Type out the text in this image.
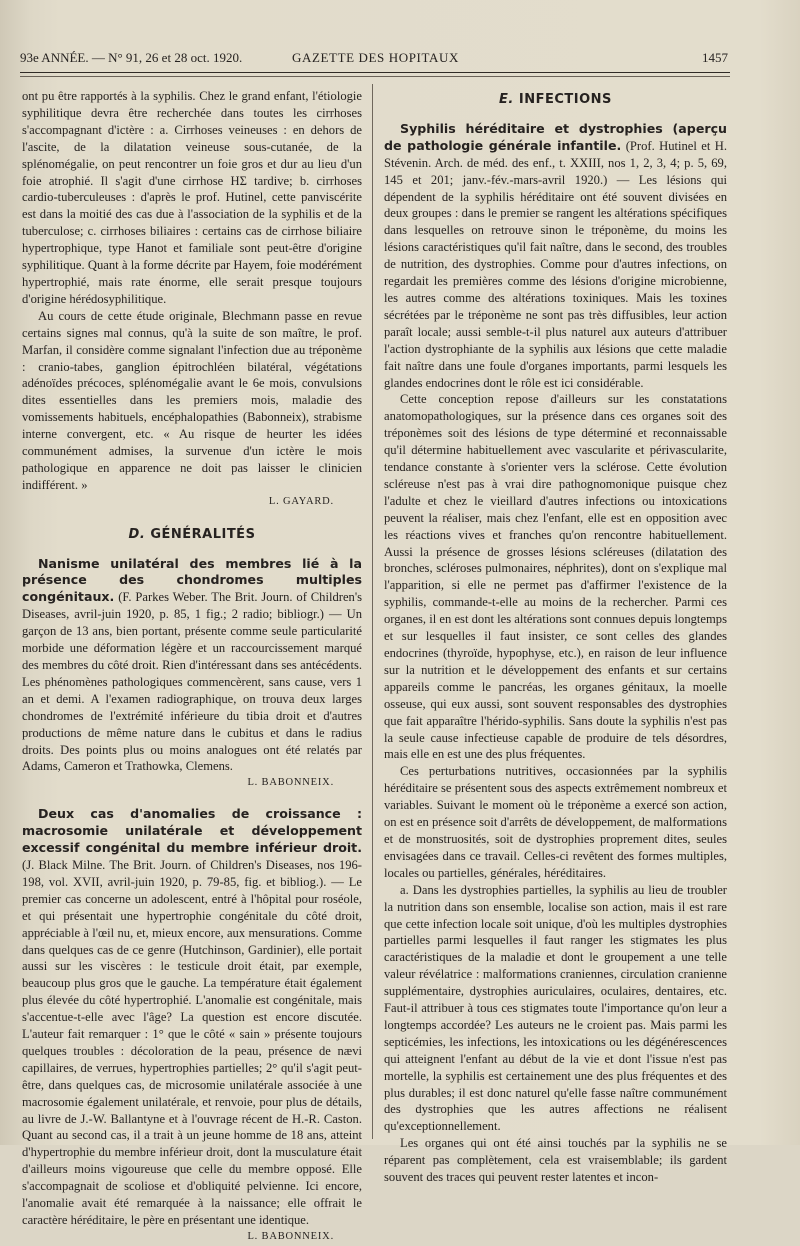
93e ANNÉE. — N° 91, 26 et 28 oct. 1920.	GAZETTE DES HOPITAUX	1457

ont pu être rapportés à la syphilis. Chez le grand enfant, l'étiologie syphilitique devra être recherchée dans toutes les cirrhoses s'accompagnant d'ictère : a. Cirrhoses veineuses : en dehors de l'ascite, de la dilatation veineuse sous-cutanée, de la splénomégalie, on peut rencontrer un foie gros et dur au lieu d'un foie atrophié. Il s'agit d'une cirrhose HΣ tardive; b. cirrhoses cardio-tuberculeuses : d'après le prof. Hutinel, cette panviscérite est dans la moitié des cas due à l'association de la syphilis et de la tuberculose; c. cirrhoses biliaires : certains cas de cirrhose biliaire hypertrophique, type Hanot et familiale sont peut-être d'origine syphilitique. Quant à la forme décrite par Hayem, foie modérément hypertrophié, mais rate énorme, elle serait presque toujours d'origine hérédosyphilitique.

Au cours de cette étude originale, Blechmann passe en revue certains signes mal connus, qu'à la suite de son maître, le prof. Marfan, il considère comme signalant l'infection due au tréponème : cranio-tabes, ganglion épitrochléen bilatéral, végétations adénoïdes précoces, splénomégalie avant le 6e mois, convulsions dites essentielles dans les premiers mois, maladie des vomissements habituels, encéphalopathies (Babonneix), strabisme interne convergent, etc. « Au risque de heurter les idées communément admises, la survenue d'un ictère le mois pathologique en apparence ne doit pas laisser le clinicien indifférent. »

L. GAYARD.

D. GÉNÉRALITÉS

Nanisme unilatéral des membres lié à la présence des chondromes multiples congénitaux. (F. Parkes Weber. The Brit. Journ. of Children's Diseases, avril-juin 1920, p. 85, 1 fig.; 2 radio; bibliogr.) — Un garçon de 13 ans, bien portant, présente comme seule particularité morbide une déformation légère et un raccourcissement marqué des membres du côté droit. Rien d'intéressant dans ses antécédents. Les phénomènes pathologiques commencèrent, sans cause, vers 1 an et demi. A l'examen radiographique, on trouva deux larges chondromes de l'extrémité inférieure du tibia droit et d'autres productions de même nature dans le cubitus et dans le radius droits. Des points plus ou moins analogues ont été relatés par Adams, Cameron et Trathowka, Clemens.

L. BABONNEIX.

Deux cas d'anomalies de croissance : macrosomie unilatérale et développement excessif congénital du membre inférieur droit. (J. Black Milne. The Brit. Journ. of Children's Diseases, nos 196-198, vol. XVII, avril-juin 1920, p. 79-85, fig. et bibliog.). — Le premier cas concerne un adolescent, entré à l'hôpital pour roséole, et qui présentait une hypertrophie congénitale du côté droit, appréciable à l'œil nu, et, mieux encore, aux mensurations. Comme dans quelques cas de ce genre (Hutchinson, Gardinier), elle portait aussi sur les viscères : le testicule droit était, par exemple, beaucoup plus gros que le gauche. La température était également plus élevée du côté hypertrophié. L'anomalie est congénitale, mais s'accentue-t-elle avec l'âge? La question est encore discutée. L'auteur fait remarquer : 1° que le côté « sain » présente toujours quelques troubles : décoloration de la peau, présence de nævi capillaires, de verrues, hypertrophies partielles; 2° qu'il s'agit peut-être, dans quelques cas, de microsomie unilatérale associée à une macrosomie également unilatérale, et renvoie, pour plus de détails, au livre de J.-W. Ballantyne et à l'ouvrage récent de H.-R. Caston. Quant au second cas, il a trait à un jeune homme de 18 ans, atteint d'hypertrophie du membre inférieur droit, dont la musculature était d'ailleurs moins vigoureuse que celle du membre opposé. Elle s'accompagnait de scoliose et d'obliquité pelvienne. Ici encore, l'anomalie avait été remarquée à la naissance; elle offrait le caractère héréditaire, le père en présentant une identique.

L. BABONNEIX.

E. INFECTIONS

Syphilis héréditaire et dystrophies (aperçu de pathologie générale infantile. (Prof. Hutinel et H. Stévenin. Arch. de méd. des enf., t. XXIII, nos 1, 2, 3, 4; p. 5, 69, 145 et 201; janv.-fév.-mars-avril 1920.) — Les lésions qui dépendent de la syphilis héréditaire ont été souvent divisées en deux groupes : dans le premier se rangent les altérations spécifiques dans lesquelles on retrouve sinon le tréponème, du moins les lésions caractéristiques qu'il fait naître, dans le second, des troubles de nutrition, des dystrophies. Comme pour d'autres infections, on regardait les premières comme des lésions d'origine microbienne, les autres comme des altérations toxiniques. Mais les toxines sécrétées par le tréponème ne sont pas très diffusibles, leur action paraît locale; aussi semble-t-il plus naturel aux auteurs d'attribuer l'action dystrophiante de la syphilis aux lésions que cette maladie fait naître dans une foule d'organes importants, parmi lesquels les glandes endocrines dont le rôle est ici considérable.

Cette conception repose d'ailleurs sur les constatations anatomopathologiques, sur la présence dans ces organes soit des tréponèmes soit des lésions de type déterminé et reconnaissable qu'il détermine habituellement avec vascularite et périvascularite, tendance constante à s'orienter vers la sclérose. Cette évolution scléreuse n'est pas à vrai dire pathognomonique puisque chez l'adulte et chez le vieillard d'autres infections ou intoxications peuvent la réaliser, mais chez l'enfant, elle est en opposition avec les réactions vives et franches qu'on rencontre habituellement. Aussi la présence de grosses lésions scléreuses (dilatation des bronches, scléroses pulmonaires, néphrites), dont on s'explique mal l'apparition, si elle ne permet pas d'affirmer l'existence de la syphilis, commande-t-elle au moins de la rechercher. Parmi ces organes, il en est dont les altérations sont connues depuis longtemps et sur lesquelles il faut insister, ce sont celles des glandes endocrines (thyroïde, hypophyse, etc.), en raison de leur influence sur la nutrition et le développement des enfants et sur certains appareils comme le pancréas, les organes génitaux, la moelle osseuse, qui eux aussi, sont souvent responsables des dystrophies que fait apparaître l'hérido-syphilis. Sans doute la syphilis n'est pas la seule cause infectieuse capable de produire de tels désordres, mais elle en est une des plus fréquentes.

Ces perturbations nutritives, occasionnées par la syphilis héréditaire se présentent sous des aspects extrêmement nombreux et variables. Suivant le moment où le tréponème a exercé son action, on est en présence soit d'arrêts de développement, de malformations et de monstruosités, soit de dystrophies proprement dites, seules envisagées dans ce travail. Celles-ci revêtent des formes multiples, locales ou partielles, générales, héréditaires.

a. Dans les dystrophies partielles, la syphilis au lieu de troubler la nutrition dans son ensemble, localise son action, mais il est rare que cette infection locale soit unique, d'où les multiples dystrophies partielles parmi lesquelles il faut ranger les stigmates les plus caractéristiques de la maladie et dont le groupement a une telle valeur révélatrice : malformations craniennes, circulation cranienne supplémentaire, dystrophies auriculaires, oculaires, dentaires, etc. Faut-il attribuer à tous ces stigmates toute l'importance qu'on leur a longtemps accordée? Les auteurs ne le croient pas. Mais parmi les septicémies, les infections, les intoxications ou les dégénérescences qui atteignent l'enfant au début de la vie et dont l'issue n'est pas mortelle, la syphilis est certainement une des plus fréquentes et des plus durables; il est donc naturel qu'elle fasse naître communément des dystrophies que les autres affections ne réalisent qu'exceptionnellement.

Les organes qui ont été ainsi touchés par la syphilis ne se réparent pas complètement, cela est vraisemblable; ils gardent souvent des traces qui peuvent rester latentes et incon-
